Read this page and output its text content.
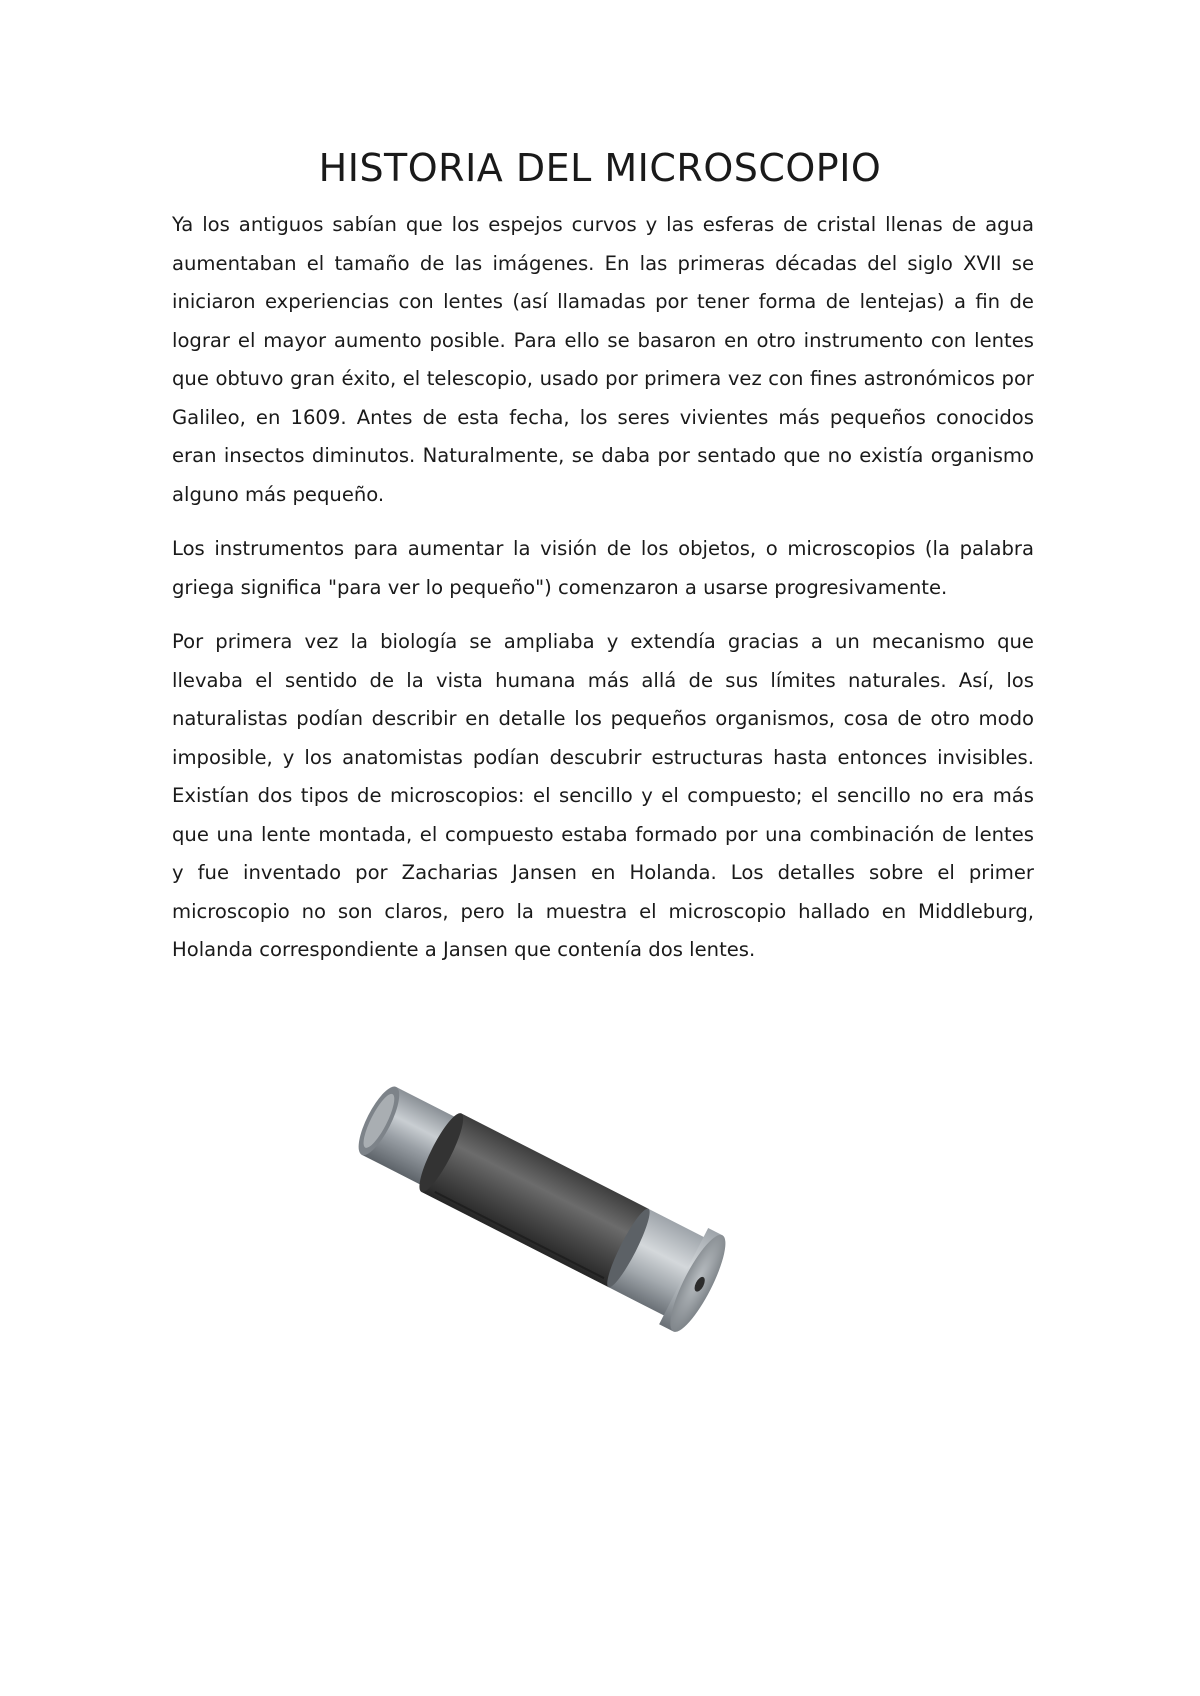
HISTORIA DEL MICROSCOPIO

Ya los antiguos sabían que los espejos curvos y las esferas de cristal llenas de agua aumentaban el tamaño de las imágenes. En las primeras décadas del siglo XVII se iniciaron experiencias con lentes (así llamadas por tener forma de lentejas) a fin de lograr el mayor aumento posible. Para ello se basaron en otro instrumento con lentes que obtuvo gran éxito, el telescopio, usado por primera vez con fines astronómicos por Galileo, en 1609. Antes de esta fecha, los seres vivientes más pequeños conocidos eran insectos diminutos. Naturalmente, se daba por sentado que no existía organismo alguno más pequeño.

Los instrumentos para aumentar la visión de los objetos, o microscopios (la palabra griega significa "para ver lo pequeño") comenzaron a usarse progresivamente.

Por primera vez la biología se ampliaba y extendía gracias a un mecanismo que llevaba el sentido de la vista humana más allá de sus límites naturales. Así, los naturalistas podían describir en detalle los pequeños organismos, cosa de otro modo imposible, y los anatomistas podían descubrir estructuras hasta entonces invisibles. Existían dos tipos de microscopios: el sencillo y el compuesto; el sencillo no era más que una lente montada, el compuesto estaba formado por una combinación de lentes y fue inventado por Zacharias Jansen en Holanda. Los detalles sobre el primer microscopio no son claros, pero la muestra el microscopio hallado en Middleburg, Holanda correspondiente a Jansen que contenía dos lentes.
